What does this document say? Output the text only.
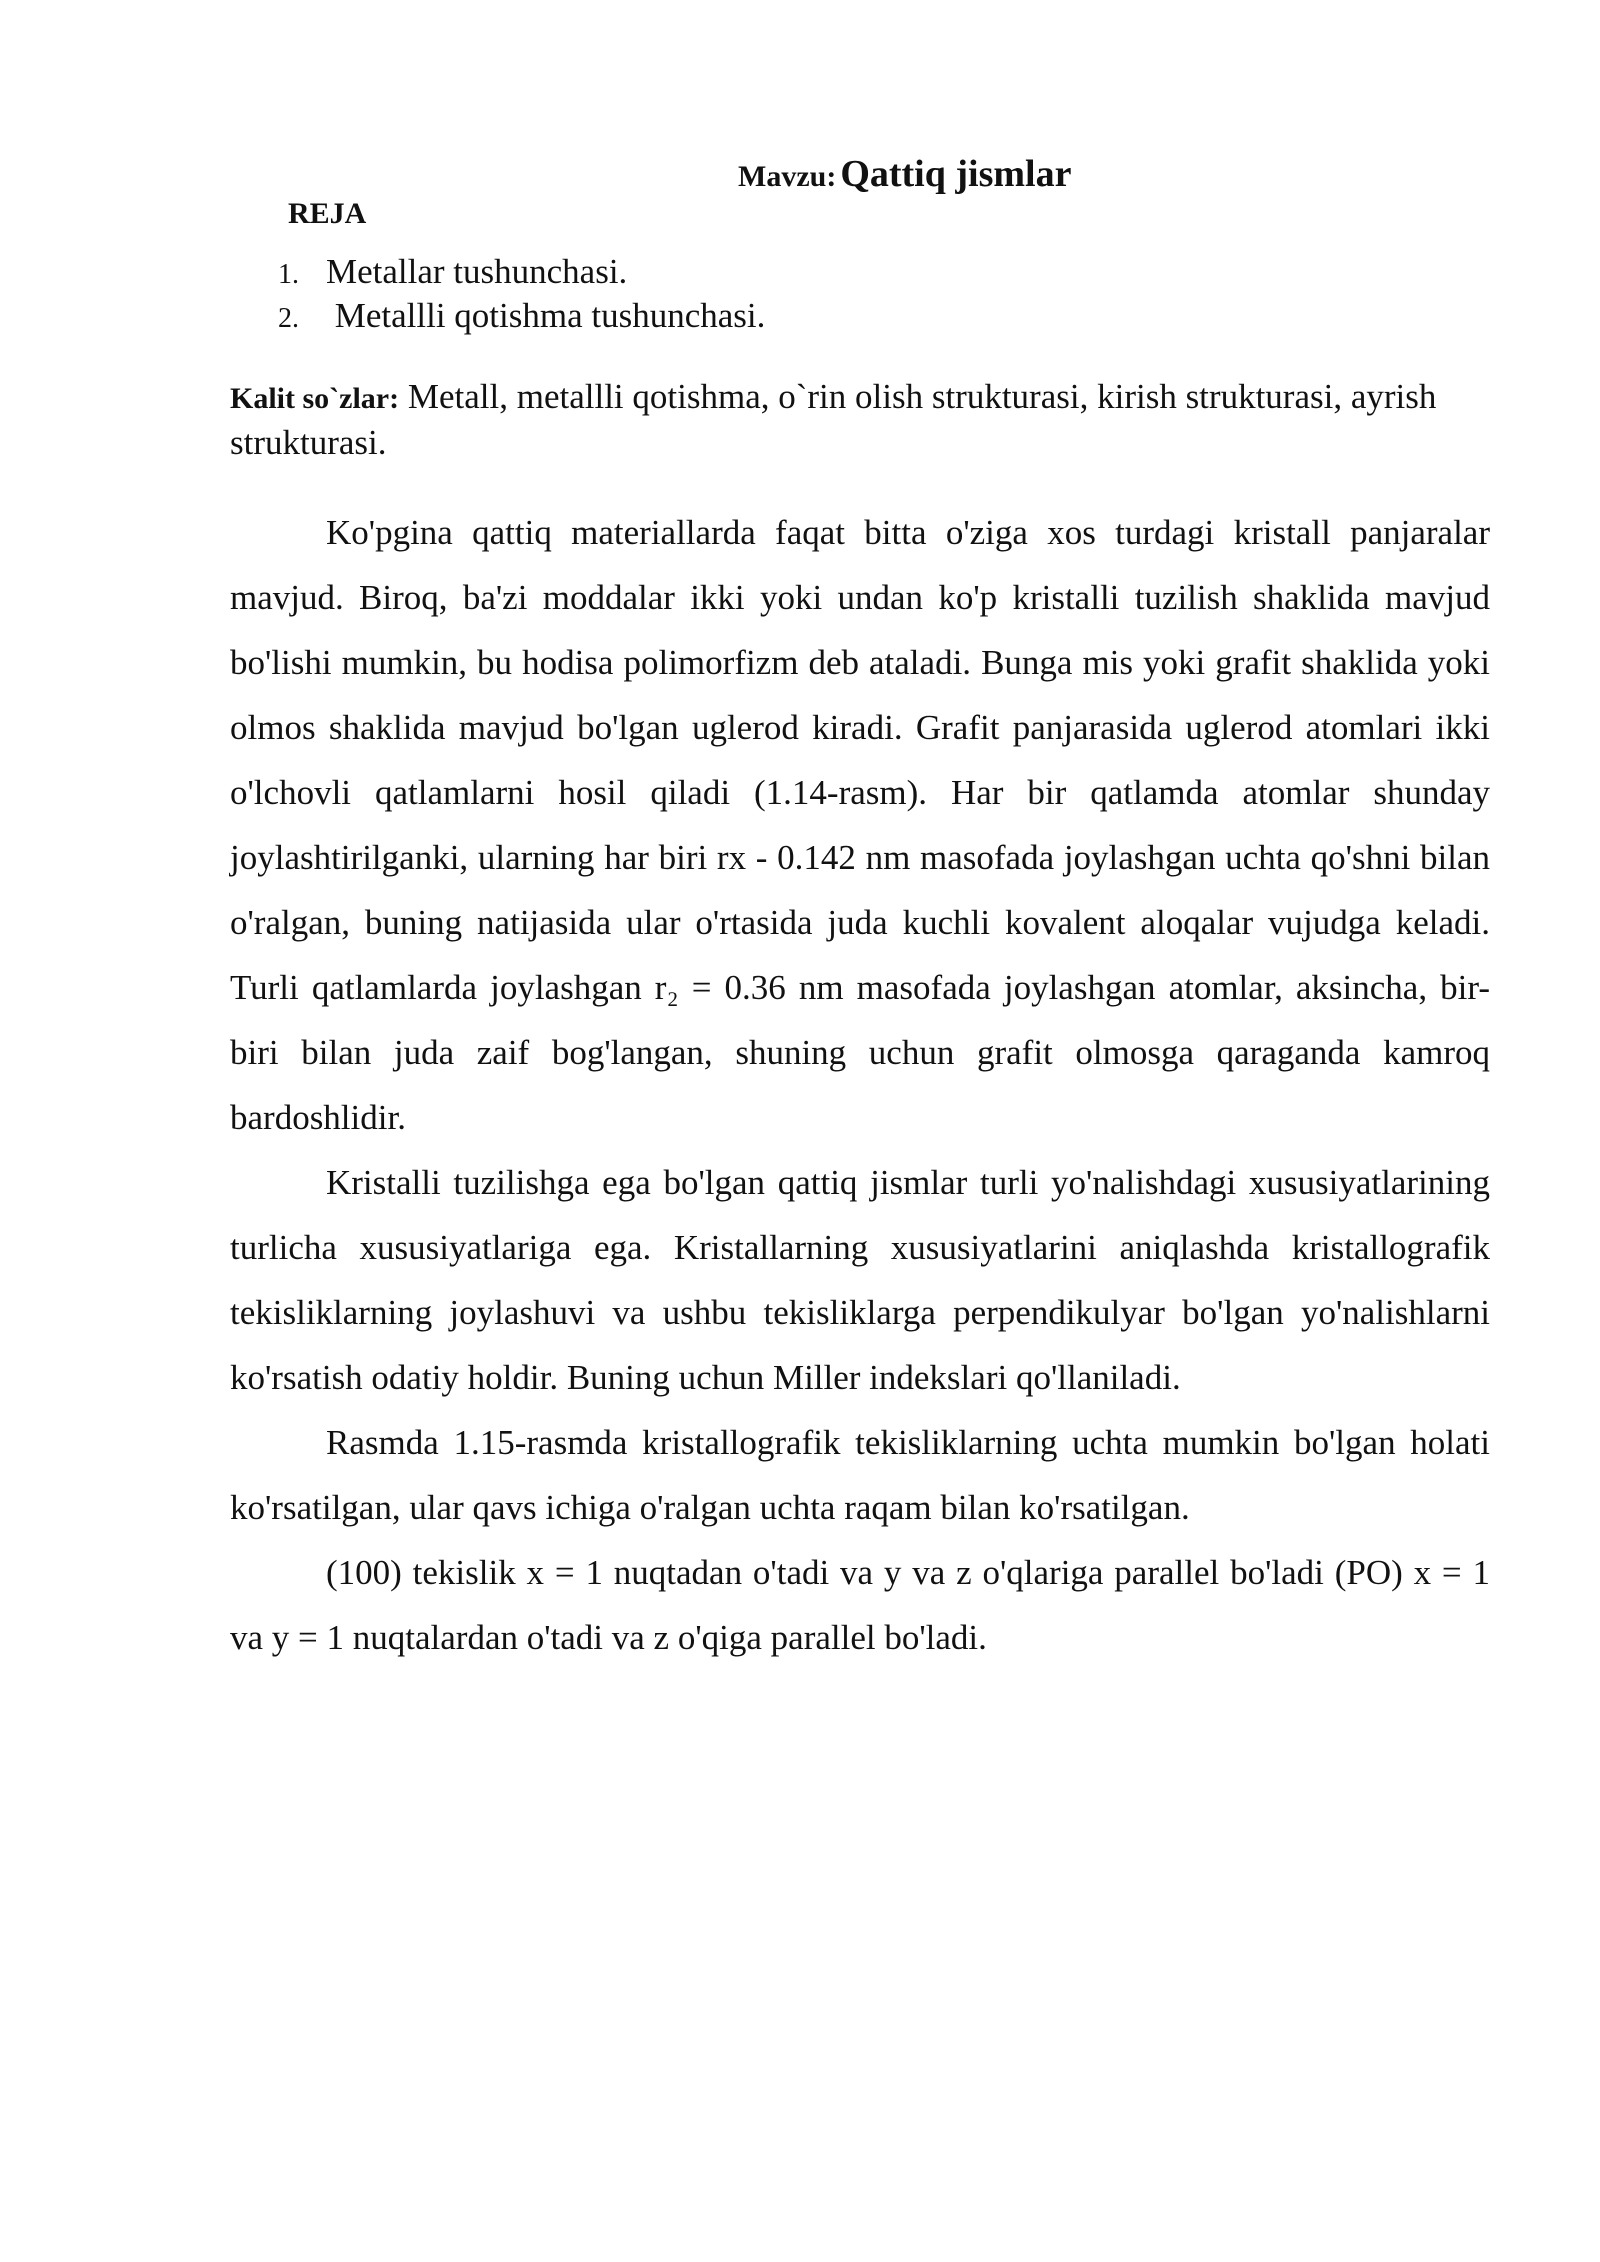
Mavzu: Qattiq jismlar
REJA
1. Metallar tushunchasi.
2. Metallli qotishma tushunchasi.
Kalit so`zlar: Metall, metallli qotishma, o`rin olish strukturasi, kirish strukturasi, ayrish strukturasi.

Ko'pgina qattiq materiallarda faqat bitta o'ziga xos turdagi kristall panjaralar mavjud. Biroq, ba'zi moddalar ikki yoki undan ko'p kristalli tuzilish shaklida mavjud bo'lishi mumkin, bu hodisa polimorfizm deb ataladi. Bunga mis yoki grafit shaklida yoki olmos shaklida mavjud bo'lgan uglerod kiradi. Grafit panjarasida uglerod atomlari ikki o'lchovli qatlamlarni hosil qiladi (1.14-rasm). Har bir qatlamda atomlar shunday joylashtirilganki, ularning har biri rx - 0.142 nm masofada joylashgan uchta qo'shni bilan o'ralgan, buning natijasida ular o'rtasida juda kuchli kovalent aloqalar vujudga keladi. Turli qatlamlarda joylashgan r₂ = 0.36 nm masofada joylashgan atomlar, aksincha, bir-biri bilan juda zaif bog'langan, shuning uchun grafit olmosga qaraganda kamroq bardoshlidir.

Kristalli tuzilishga ega bo'lgan qattiq jismlar turli yo'nalishdagi xususiyatlarining turlicha xususiyatlariga ega. Kristallarning xususiyatlarini aniqlashda kristallografik tekisliklarning joylashuvi va ushbu tekisliklarga perpendikulyar bo'lgan yo'nalishlarni ko'rsatish odatiy holdir. Buning uchun Miller indekslari qo'llaniladi.

Rasmda 1.15-rasmda kristallografik tekisliklarning uchta mumkin bo'lgan holati ko'rsatilgan, ular qavs ichiga o'ralgan uchta raqam bilan ko'rsatilgan.

(100) tekislik x = 1 nuqtadan o'tadi va y va z o'qlariga parallel bo'ladi (PO) x = 1 va y = 1 nuqtalardan o'tadi va z o'qiga parallel bo'ladi.
